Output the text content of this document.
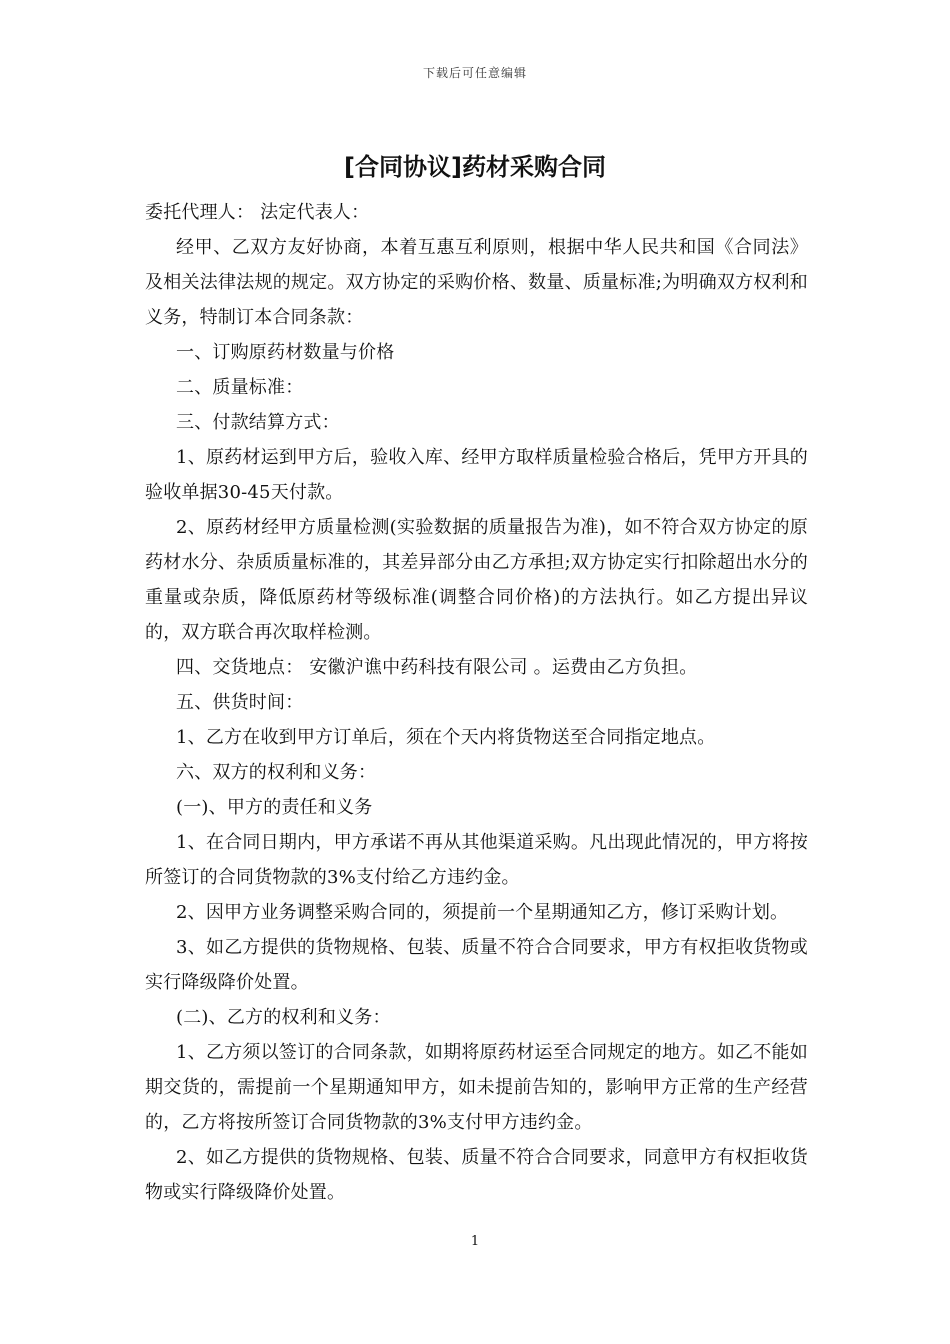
下载后可任意编辑
[合同协议]药材采购合同

委托代理人： 法定代表人：

经甲、乙双方友好协商，本着互惠互利原则，根据中华人民共和国《合同法》及相关法律法规的规定。双方协定的采购价格、数量、质量标准;为明确双方权利和义务，特制订本合同条款：

一、订购原药材数量与价格

二、质量标准：

三、付款结算方式：

1、原药材运到甲方后，验收入库、经甲方取样质量检验合格后，凭甲方开具的验收单据30-45天付款。

2、原药材经甲方质量检测(实验数据的质量报告为准)，如不符合双方协定的原药材水分、杂质质量标准的，其差异部分由乙方承担;双方协定实行扣除超出水分的重量或杂质，降低原药材等级标准(调整合同价格)的方法执行。如乙方提出异议的，双方联合再次取样检测。

四、交货地点： 安徽沪谯中药科技有限公司 。运费由乙方负担。

五、供货时间：

1、乙方在收到甲方订单后，须在个天内将货物送至合同指定地点。

六、双方的权利和义务：

(一)、甲方的责任和义务

1、在合同日期内，甲方承诺不再从其他渠道采购。凡出现此情况的，甲方将按所签订的合同货物款的3%支付给乙方违约金。

2、因甲方业务调整采购合同的，须提前一个星期通知乙方，修订采购计划。

3、如乙方提供的货物规格、包装、质量不符合合同要求，甲方有权拒收货物或实行降级降价处置。

(二)、乙方的权利和义务：

1、乙方须以签订的合同条款，如期将原药材运至合同规定的地方。如乙不能如期交货的，需提前一个星期通知甲方，如未提前告知的，影响甲方正常的生产经营的，乙方将按所签订合同货物款的3%支付甲方违约金。

2、如乙方提供的货物规格、包装、质量不符合合同要求，同意甲方有权拒收货物或实行降级降价处置。

1
